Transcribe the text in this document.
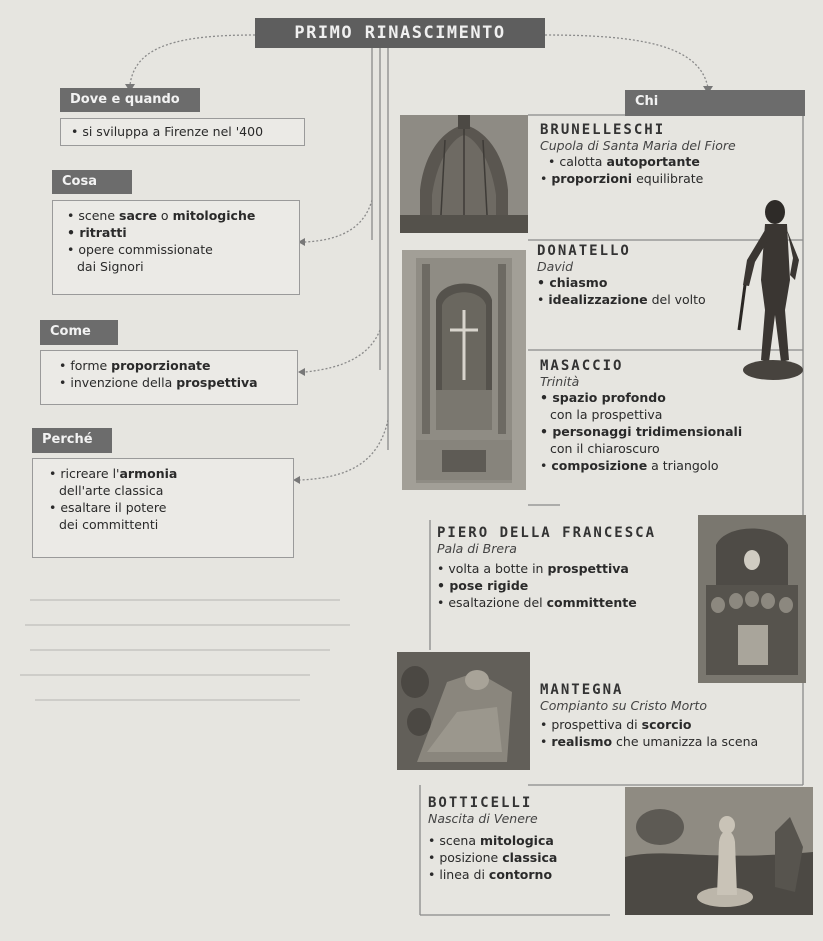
PRIMO RINASCIMENTO
Dove e quando
• si sviluppa a Firenze nel '400
Cosa
• scene sacre o mitologiche
• ritratti
• opere commissionate
dai Signori
Come
• forme proporzionate
• invenzione della prospettiva
Perché
• ricreare l'armonia
dell'arte classica
• esaltare il potere
dei committenti
Chi
BRUNELLESCHI
Cupola di Santa Maria del Fiore
• calotta autoportante
• proporzioni equilibrate
DONATELLO
David
• chiasmo
• idealizzazione del volto
MASACCIO
Trinità
• spazio profondo
con la prospettiva
• personaggi tridimensionali
con il chiaroscuro
• composizione a triangolo
PIERO DELLA FRANCESCA
Pala di Brera
• volta a botte in prospettiva
• pose rigide
• esaltazione del committente
MANTEGNA
Compianto su Cristo Morto
• prospettiva di scorcio
• realismo che umanizza la scena
BOTTICELLI
Nascita di Venere
• scena mitologica
• posizione classica
• linea di contorno
